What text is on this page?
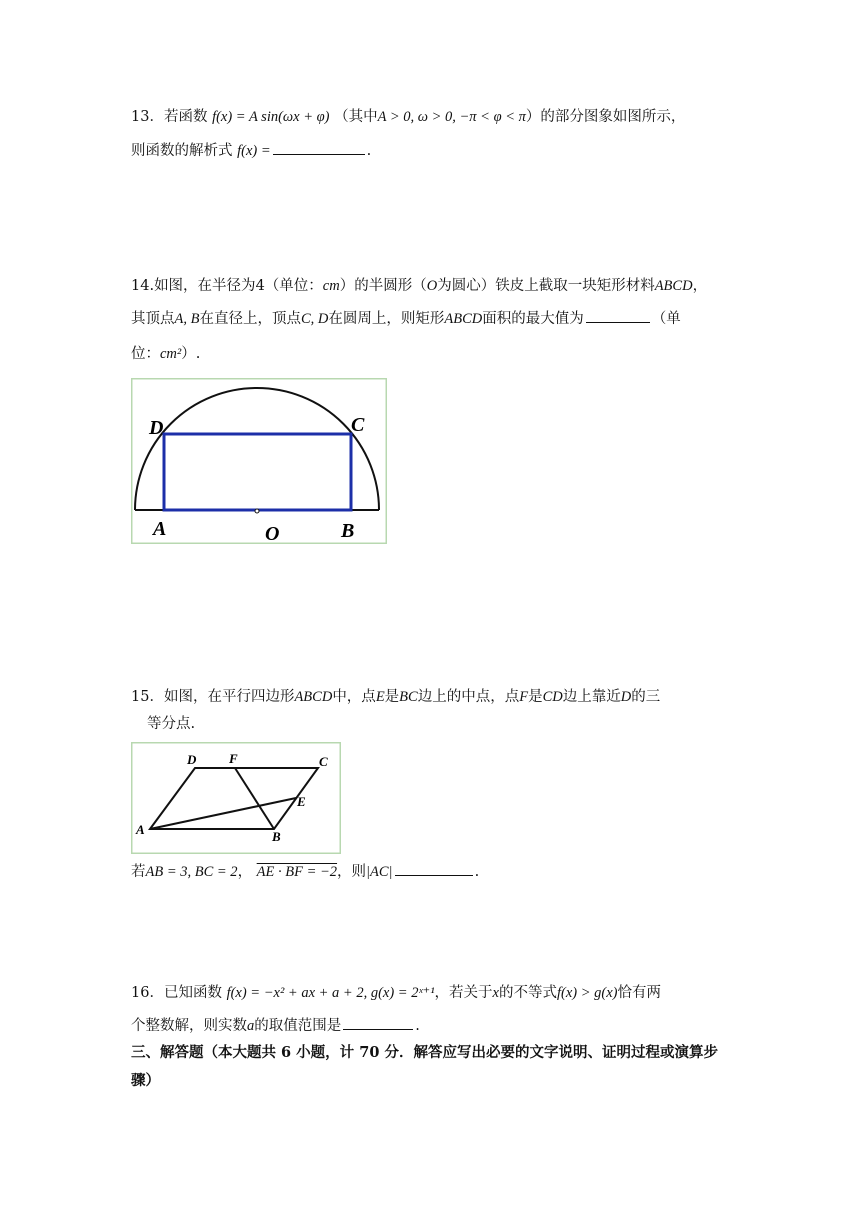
13．若函数 f(x) = A sin(ωx + φ) （其中A > 0, ω > 0, −π < φ < π）的部分图象如图所示，
则函数的解析式 f(x) =	.
14.如图，在半径为4（单位：cm）的半圆形（O为圆心）铁皮上截取一块矩形材料ABCD，
其顶点A, B在直径上，顶点C, D在圆周上，则矩形ABCD面积的最大值为	（单
位：cm²）.
D	C
A	O	B
15．如图，在平行四边形ABCD中，点E是BC边上的中点，点F是CD边上靠近D的三
等分点.
D	F	C
E
A	B
若AB = 3, BC = 2， AE · BF = −2，则|AC|	.
16．已知函数 f(x) = −x² + ax + a + 2, g(x) = 2ˣ⁺¹，若关于x的不等式f(x) > g(x)恰有两
个整数解，则实数a的取值范围是	.
三、解答题（本大题共 6 小题，计 70 分．解答应写出必要的文字说明、证明过程或演算步
骤）
